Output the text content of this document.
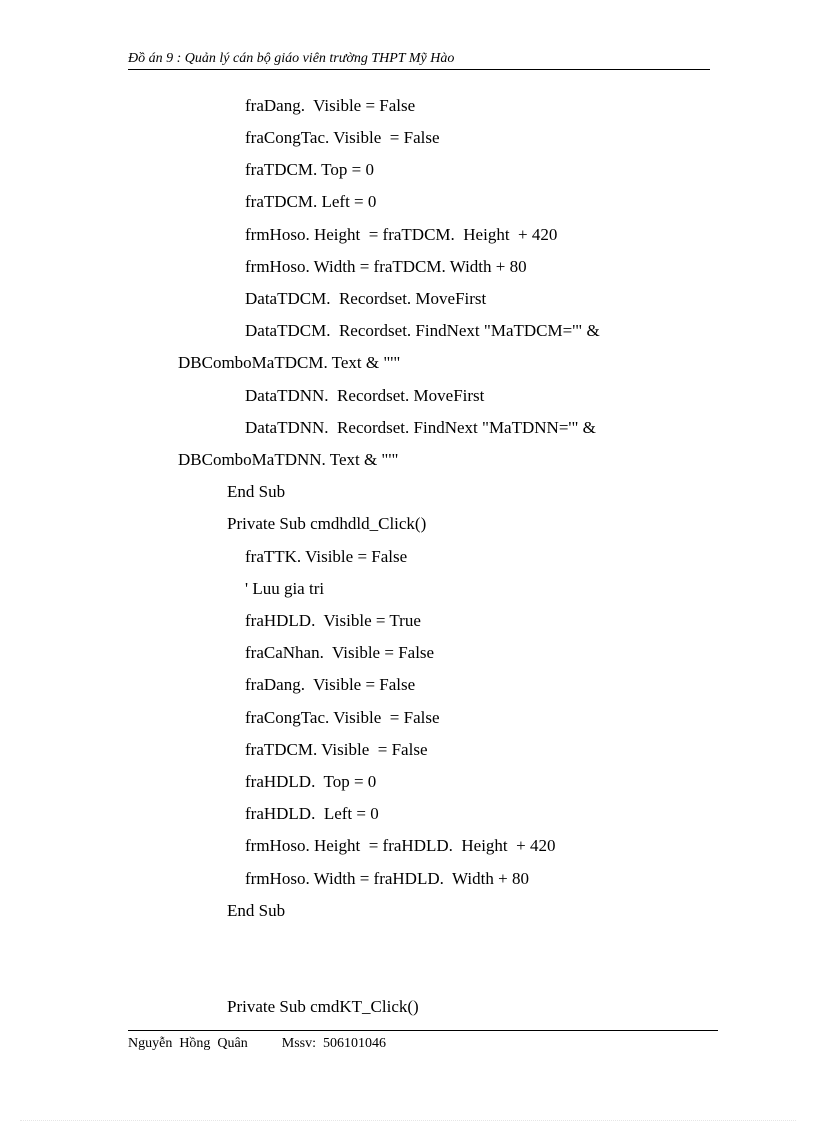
Đồ án 9 : Quản lý cán bộ giáo viên trường THPT Mỹ Hào
fraDang.  Visible = False
fraCongTac. Visible  = False
fraTDCM. Top = 0
fraTDCM. Left = 0
frmHoso. Height  = fraTDCM.  Height  + 420
frmHoso. Width = fraTDCM. Width + 80
DataTDCM.  Recordset. MoveFirst
DataTDCM.  Recordset. FindNext "MaTDCM='" &
DBComboMaTDCM. Text & "'"
DataTDNN.  Recordset. MoveFirst
DataTDNN.  Recordset. FindNext "MaTDNN='" &
DBComboMaTDNN. Text & "'"
End Sub
Private Sub cmdhdld_Click()
fraTTK. Visible = False
' Luu gia tri
fraHDLD.  Visible = True
fraCaNhan.  Visible = False
fraDang.  Visible = False
fraCongTac. Visible  = False
fraTDCM. Visible  = False
fraHDLD.  Top = 0
fraHDLD.  Left = 0
frmHoso. Height  = fraHDLD.  Height  + 420
frmHoso. Width = fraHDLD.  Width + 80
End Sub
Private Sub cmdKT_Click()
Nguyễn  Hồng  Quân Mssv:  506101046
